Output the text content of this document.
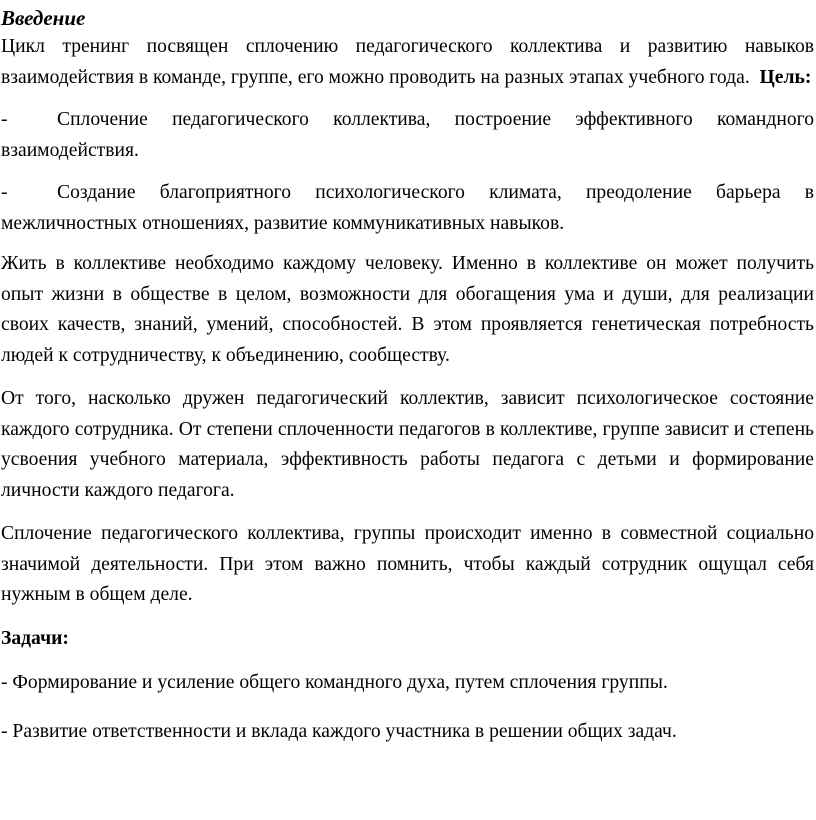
Введение

Цикл тренинг посвящен сплочению педагогического коллектива и развитию навыков взаимодействия в команде, группе, его можно проводить на разных этапах учебного года. Цель:

-	Сплочение педагогического коллектива, построение эффективного командного взаимодействия.

-	Создание благоприятного психологического климата, преодоление барьера в межличностных отношениях, развитие коммуникативных навыков.

Жить в коллективе необходимо каждому человеку. Именно в коллективе он может получить опыт жизни в обществе в целом, возможности для обогащения ума и души, для реализации своих качеств, знаний, умений, способностей. В этом проявляется генетическая потребность людей к сотрудничеству, к объединению, сообществу.

От того, насколько дружен педагогический коллектив, зависит психологическое состояние каждого сотрудника. От степени сплоченности педагогов в коллективе, группе зависит и степень усвоения учебного материала, эффективность работы педагога с детьми и формирование личности каждого педагога.

Сплочение педагогического коллектива, группы происходит именно в совместной социально значимой деятельности. При этом важно помнить, чтобы каждый сотрудник ощущал себя нужным в общем деле.

Задачи:

- Формирование и усиление общего командного духа, путем сплочения группы.

- Развитие ответственности и вклада каждого участника в решении общих задач.
